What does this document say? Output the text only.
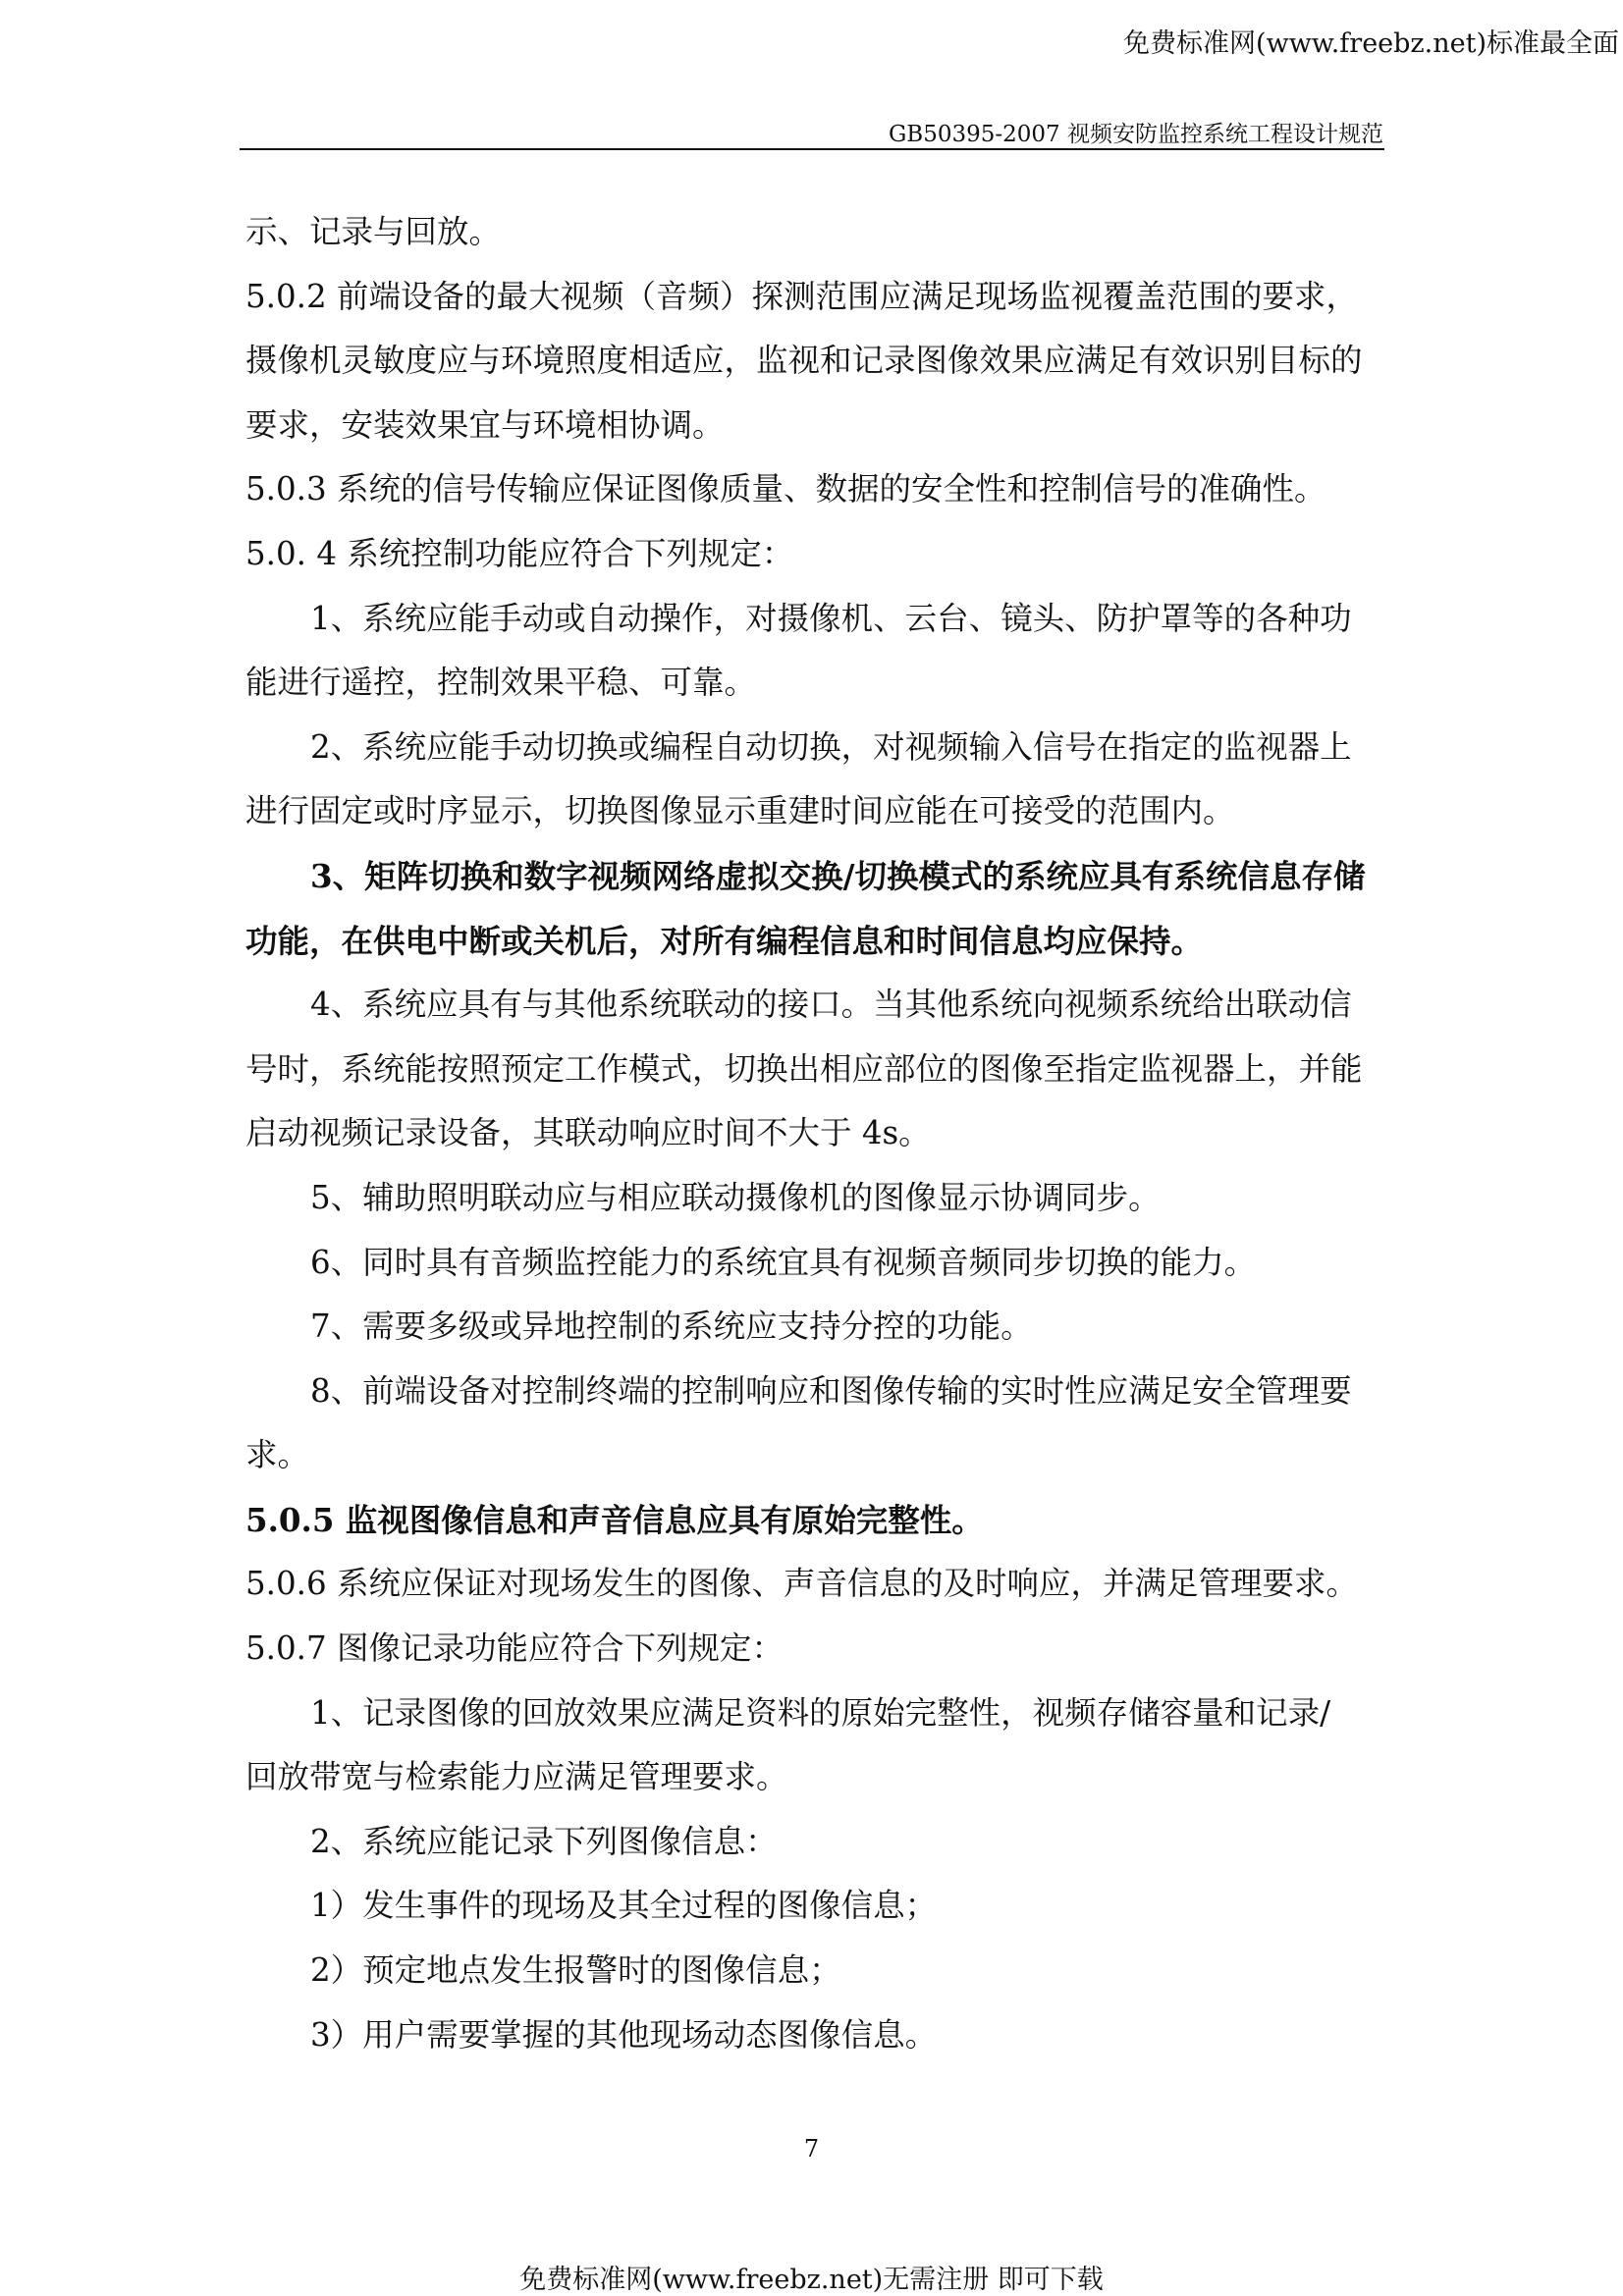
免费标准网(www.freebz.net)标准最全面
GB50395-2007 视频安防监控系统工程设计规范
示、记录与回放。
5.0.2 前端设备的最大视频（音频）探测范围应满足现场监视覆盖范围的要求，
摄像机灵敏度应与环境照度相适应，监视和记录图像效果应满足有效识别目标的
要求，安装效果宜与环境相协调。
5.0.3 系统的信号传输应保证图像质量、数据的安全性和控制信号的准确性。
5.0. 4 系统控制功能应符合下列规定：
1、系统应能手动或自动操作，对摄像机、云台、镜头、防护罩等的各种功
能进行遥控，控制效果平稳、可靠。
2、系统应能手动切换或编程自动切换，对视频输入信号在指定的监视器上
进行固定或时序显示，切换图像显示重建时间应能在可接受的范围内。
3、矩阵切换和数字视频网络虚拟交换/切换模式的系统应具有系统信息存储
功能，在供电中断或关机后，对所有编程信息和时间信息均应保持。
4、系统应具有与其他系统联动的接口。当其他系统向视频系统给出联动信
号时，系统能按照预定工作模式，切换出相应部位的图像至指定监视器上，并能
启动视频记录设备，其联动响应时间不大于 4s。
5、辅助照明联动应与相应联动摄像机的图像显示协调同步。
6、同时具有音频监控能力的系统宜具有视频音频同步切换的能力。
7、需要多级或异地控制的系统应支持分控的功能。
8、前端设备对控制终端的控制响应和图像传输的实时性应满足安全管理要
求。
5.0.5 监视图像信息和声音信息应具有原始完整性。
5.0.6 系统应保证对现场发生的图像、声音信息的及时响应，并满足管理要求。
5.0.7 图像记录功能应符合下列规定：
1、记录图像的回放效果应满足资料的原始完整性，视频存储容量和记录/
回放带宽与检索能力应满足管理要求。
2、系统应能记录下列图像信息：
1）发生事件的现场及其全过程的图像信息；
2）预定地点发生报警时的图像信息；
3）用户需要掌握的其他现场动态图像信息。
7
免费标准网(www.freebz.net)无需注册 即可下载
